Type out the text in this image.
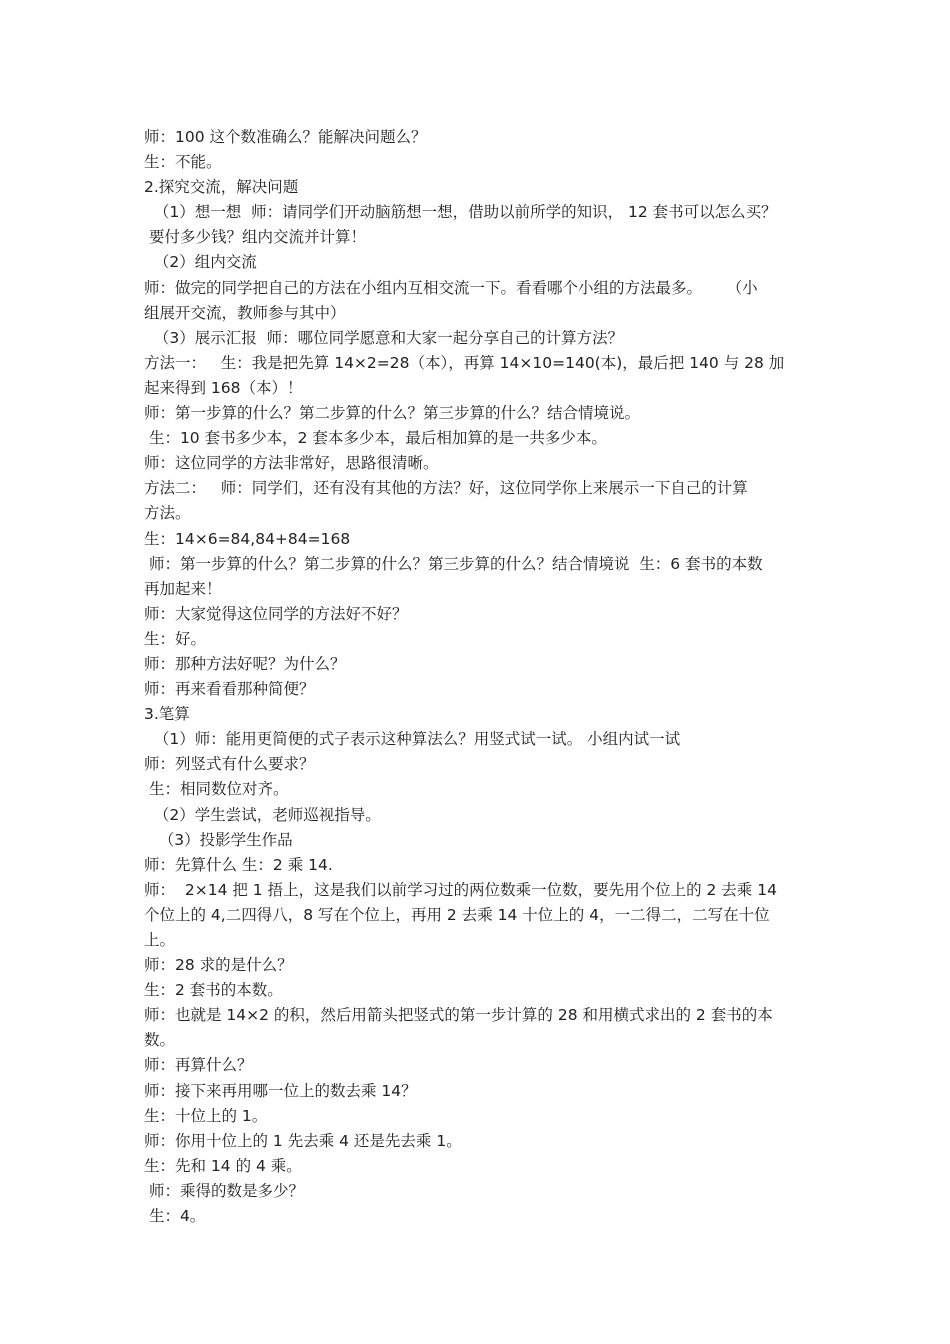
师：100 这个数准确么？能解决问题么？

生：不能。

2.探究交流，解决问题

（1）想一想  师：请同学们开动脑筋想一想，借助以前所学的知识， 12 套书可以怎么买？

要付多少钱？组内交流并计算！

（2）组内交流

师：做完的同学把自己的方法在小组内互相交流一下。看看哪个小组的方法最多。     （小

组展开交流，教师参与其中）

（3）展示汇报  师：哪位同学愿意和大家一起分享自己的计算方法？

方法一：   生：我是把先算 14×2=28（本），再算 14×10=140(本)，最后把 140 与 28 加

起来得到 168（本）！

师：第一步算的什么？第二步算的什么？第三步算的什么？结合情境说。

生：10 套书多少本，2 套本多少本，最后相加算的是一共多少本。

师：这位同学的方法非常好，思路很清晰。

方法二：   师：同学们，还有没有其他的方法？好，这位同学你上来展示一下自己的计算

方法。

生：14×6=84,84+84=168

师：第一步算的什么？第二步算的什么？第三步算的什么？结合情境说  生：6 套书的本数

再加起来！

师：大家觉得这位同学的方法好不好？

生：好。

师：那种方法好呢？为什么？

师：再来看看那种简便？

3.笔算

（1）师：能用更简便的式子表示这种算法么？用竖式试一试。 小组内试一试

师：列竖式有什么要求？

生：相同数位对齐。

（2）学生尝试，老师巡视指导。

（3）投影学生作品

师：先算什么 生：2 乘 14.

师：  2×14 把 1 捂上，这是我们以前学习过的两位数乘一位数，要先用个位上的 2 去乘 14

个位上的 4,二四得八，8 写在个位上，再用 2 去乘 14 十位上的 4，一二得二，二写在十位

上。

师：28 求的是什么？

生：2 套书的本数。

师：也就是 14×2 的积，然后用箭头把竖式的第一步计算的 28 和用横式求出的 2 套书的本

数。

师：再算什么？

师：接下来再用哪一位上的数去乘 14？

生：十位上的 1。

师：你用十位上的 1 先去乘 4 还是先去乘 1。

生：先和 14 的 4 乘。

师：乘得的数是多少？

生：4。
